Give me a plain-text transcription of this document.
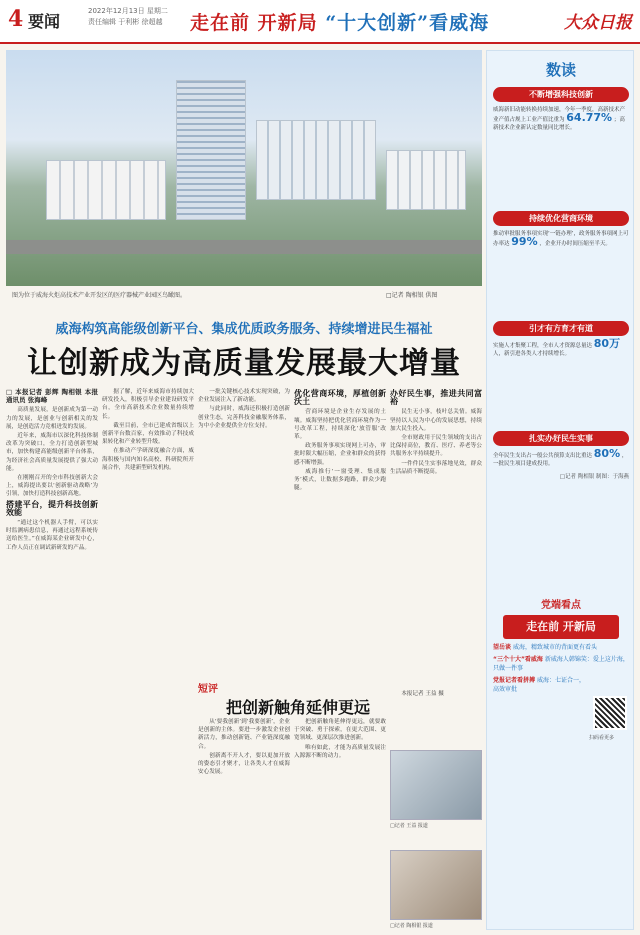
4 要闻
2022年12月13日 星期二
责任编辑 于利彬 徐超越 走在前 开新局 “十大创新”看威海	大众日报
图为位于威海火炬高技术产业开发区的医疗器械产业园区鸟瞰图。	□记者 陶相银 供图
威海构筑高能级创新平台、集成优质政务服务、持续增进民生福祉
让创新成为高质量发展最大增量

□ 本报记者 彭辉 陶相银 本报通讯员 张海峰

高质量发展，是创新成为第一动力的发展，是创业与创新相关的发展，是创造活力竞相迸发的发展。

近年来，威海市以深化科技体制改革为突破口，全力打造创新型城市，加快构建高能级创新平台体系，为经济社会高质量发展提供了强大动能。

在刚刚召开的全市科技创新大会上，威海提出要以‘创新驱动战略’为引领，加快打造科技创新高地。

搭建平台，提升科技创新效能

“通过这个机器人手臂，可以实时监测病患信息，再通过远程系统传送给医生。”在威海某企业研发中心，工作人员正在调试新研发的产品。

据了解，近年来威海市持续加大研发投入，积极引导企业建设研发平台，全市高新技术企业数量持续增长。

截至目前，全市已建成省级以上创新平台数百家，有效推动了科技成果转化和产业转型升级。

在推动产学研深度融合方面，威海积极与国内知名高校、科研院所开展合作，共建新型研发机构。

一批关键核心技术实现突破，为企业发展注入了新动能。

与此同时，威海还积极打造创新创业生态，完善科技金融服务体系，为中小企业提供全方位支持。

优化营商环境，厚植创新沃土

营商环境是企业生存发展的土壤。威海坚持把优化营商环境作为一号改革工程，持续深化‘放管服’改革。

政务服务事项实现网上可办，审批时限大幅压缩，企业和群众的获得感不断增强。

威海推行‘一窗受理、集成服务’模式，让数据多跑路，群众少跑腿。

办好民生事，推进共同富裕

民生无小事，枝叶总关情。威海坚持以人民为中心的发展思想，持续加大民生投入。

全市财政用于民生领域的支出占比保持高位，教育、医疗、养老等公共服务水平持续提升。

一件件民生实事落地见效，群众生活品质不断提高。

短评
把创新触角延伸更远

从‘要我创新’到‘我要创新’，企业是创新的主体。要进一步激发企业创新活力，推动创新链、产业链深度融合。

创新离不开人才，要以更加开放的姿态引才聚才，让各类人才在威海安心发展。

把创新触角延伸得更远，就要敢于突破、勇于探索，在更大范围、更宽领域、更深层次推进创新。

唯有如此，才能为高质量发展注入源源不断的动力。

本报记者 王益 摄

□记者 王益 报道
□记者 陶相银 报道
数读
不断增强科技创新
威海新旧动能转换持续加速，今年一季度，高新技术产业产值占规上工业产值比重为 64.77% ；高新技术企业新认定数量同比增长。
持续优化营商环境
推动审批服务事项实现‘一链办理’，政务服务事项网上可办率达 99% ，企业开办时间压缩至半天。
引才有方育才有道
实施人才集聚工程，全市人才资源总量达 80万 人，新引进各类人才持续增长。
扎实办好民生实事
全年民生支出占一般公共预算支出比重达 80% ，一批民生项目建成投用。
□记者 陶相银 制图：于海燕
党端看点
走在前 开新局
望岳谈 威海，精致城市的背面更有看头
“三个十大”看威海 新威海人韩锦笑：爱上这片海，只做一件事
党报记者看拼搏 威海：七证合一，高效审批
扫码看更多
